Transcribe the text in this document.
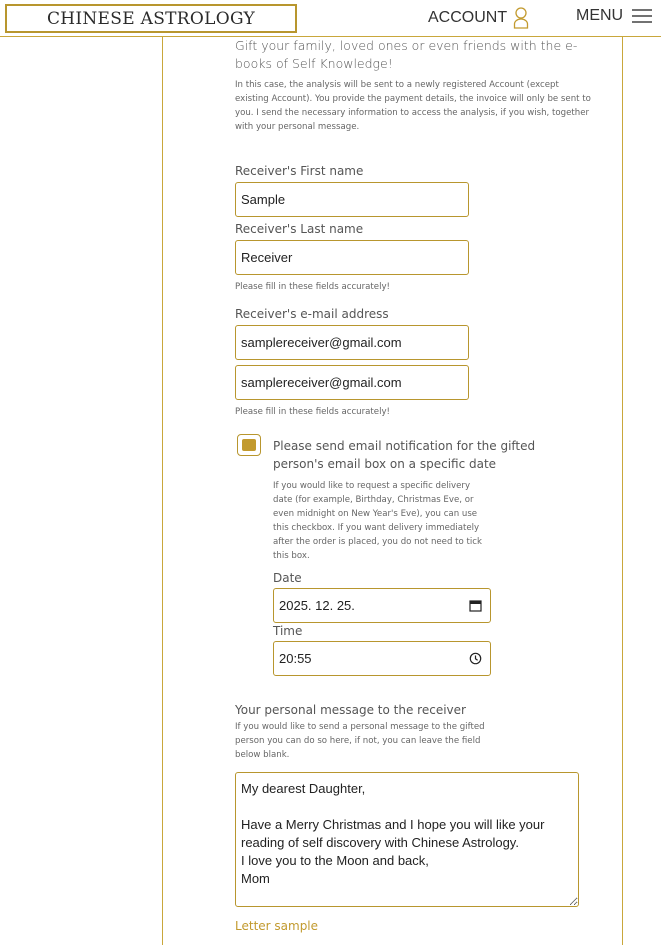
CHINESE ASTROLOGY	ACCOUNT	MENU
Gift your family, loved ones or even friends with the e-books of Self Knowledge!
In this case, the analysis will be sent to a newly registered Account (except existing Account). You provide the payment details, the invoice will only be sent to you. I send the necessary information to access the analysis, if you wish, together with your personal message.
Receiver's First name
Sample
Receiver's Last name
Receiver
Please fill in these fields accurately!
Receiver's e-mail address
samplereceiver@gmail.com
samplereceiver@gmail.com
Please fill in these fields accurately!
Please send email notification for the gifted person's email box on a specific date
If you would like to request a specific delivery date (for example, Birthday, Christmas Eve, or even midnight on New Year's Eve), you can use this checkbox. If you want delivery immediately after the order is placed, you do not need to tick this box.
Date
2025. 12. 25.
Time
20:55
Your personal message to the receiver
If you would like to send a personal message to the gifted person you can do so here, if not, you can leave the field below blank.
My dearest Daughter, Have a Merry Christmas and I hope you will like your reading of self discovery with Chinese Astrology. I love you to the Moon and back, Mom
Letter sample
